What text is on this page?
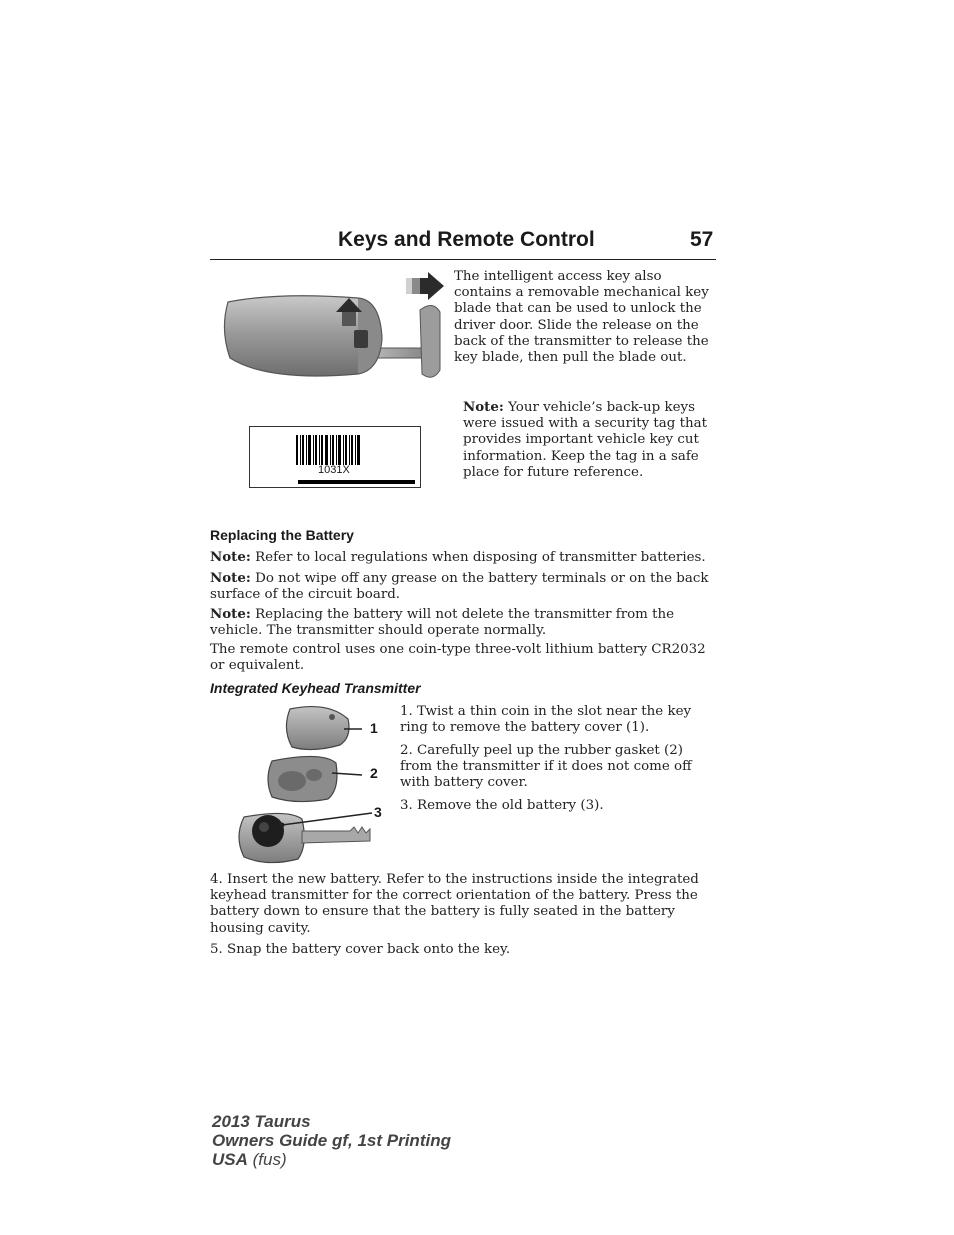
Keys and Remote Control	57
The intelligent access key also contains a removable mechanical key blade that can be used to unlock the driver door. Slide the release on the back of the transmitter to release the key blade, then pull the blade out.
1031X
Note: Your vehicle’s back-up keys were issued with a security tag that provides important vehicle key cut information. Keep the tag in a safe place for future reference.
Replacing the Battery
Note: Refer to local regulations when disposing of transmitter batteries.
Note: Do not wipe off any grease on the battery terminals or on the back surface of the circuit board.
Note: Replacing the battery will not delete the transmitter from the vehicle. The transmitter should operate normally.
The remote control uses one coin-type three-volt lithium battery CR2032 or equivalent.
Integrated Keyhead Transmitter
1
2
3
1. Twist a thin coin in the slot near the key ring to remove the battery cover (1).
2. Carefully peel up the rubber gasket (2) from the transmitter if it does not come off with battery cover.
3. Remove the old battery (3).
4. Insert the new battery. Refer to the instructions inside the integrated keyhead transmitter for the correct orientation of the battery. Press the battery down to ensure that the battery is fully seated in the battery housing cavity.
5. Snap the battery cover back onto the key.
2013 Taurus
Owners Guide gf, 1st Printing
USA (fus)
